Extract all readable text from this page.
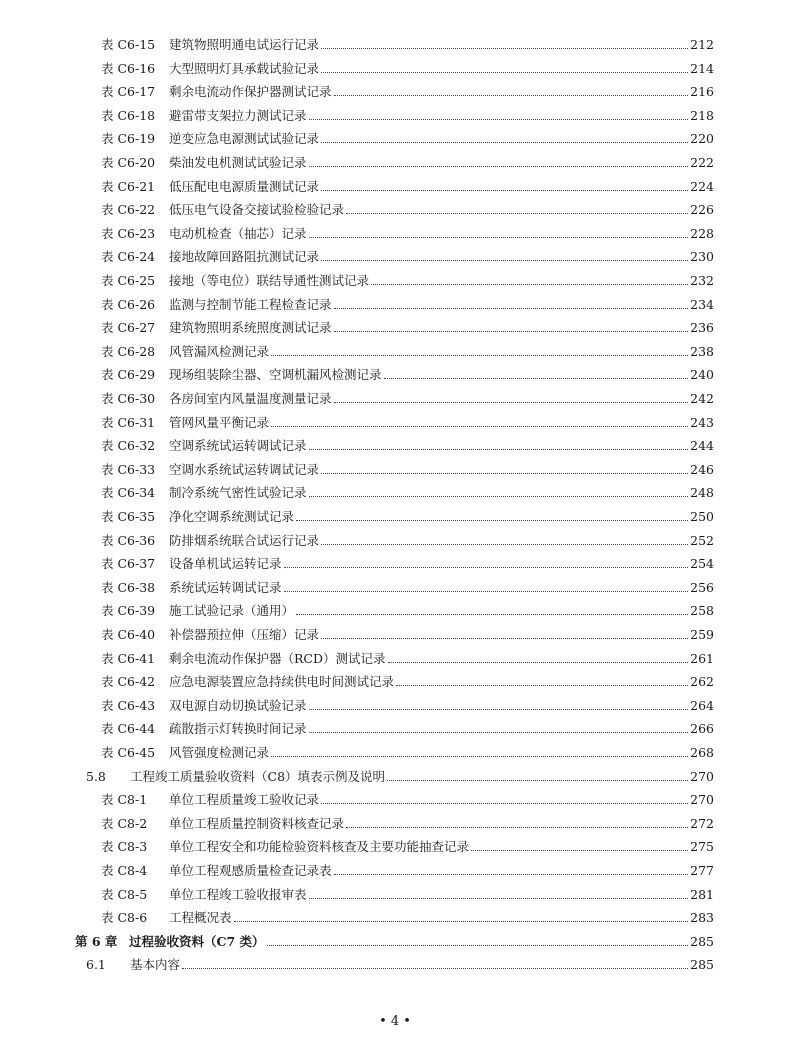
表 C6-15	建筑物照明通电试运行记录	212
表 C6-16	大型照明灯具承载试验记录	214
表 C6-17	剩余电流动作保护器测试记录	216
表 C6-18	避雷带支架拉力测试记录	218
表 C6-19	逆变应急电源测试试验记录	220
表 C6-20	柴油发电机测试试验记录	222
表 C6-21	低压配电电源质量测试记录	224
表 C6-22	低压电气设备交接试验检验记录	226
表 C6-23	电动机检查（抽芯）记录	228
表 C6-24	接地故障回路阻抗测试记录	230
表 C6-25	接地（等电位）联结导通性测试记录	232
表 C6-26	监测与控制节能工程检查记录	234
表 C6-27	建筑物照明系统照度测试记录	236
表 C6-28	风管漏风检测记录	238
表 C6-29	现场组装除尘器、空调机漏风检测记录	240
表 C6-30	各房间室内风量温度测量记录	242
表 C6-31	管网风量平衡记录	243
表 C6-32	空调系统试运转调试记录	244
表 C6-33	空调水系统试运转调试记录	246
表 C6-34	制冷系统气密性试验记录	248
表 C6-35	净化空调系统测试记录	250
表 C6-36	防排烟系统联合试运行记录	252
表 C6-37	设备单机试运转记录	254
表 C6-38	系统试运转调试记录	256
表 C6-39	施工试验记录（通用）	258
表 C6-40	补偿器预拉伸（压缩）记录	259
表 C6-41	剩余电流动作保护器（RCD）测试记录	261
表 C6-42	应急电源装置应急持续供电时间测试记录	262
表 C6-43	双电源自动切换试验记录	264
表 C6-44	疏散指示灯转换时间记录	266
表 C6-45	风管强度检测记录	268
5.8	工程竣工质量验收资料（C8）填表示例及说明	270
表 C8-1	单位工程质量竣工验收记录	270
表 C8-2	单位工程质量控制资料核查记录	272
表 C8-3	单位工程安全和功能检验资料核查及主要功能抽查记录	275
表 C8-4	单位工程观感质量检查记录表	277
表 C8-5	单位工程竣工验收报审表	281
表 C8-6	工程概况表	283
第 6 章 过程验收资料（C7 类）	285
6.1	基本内容	285
• 4 •
